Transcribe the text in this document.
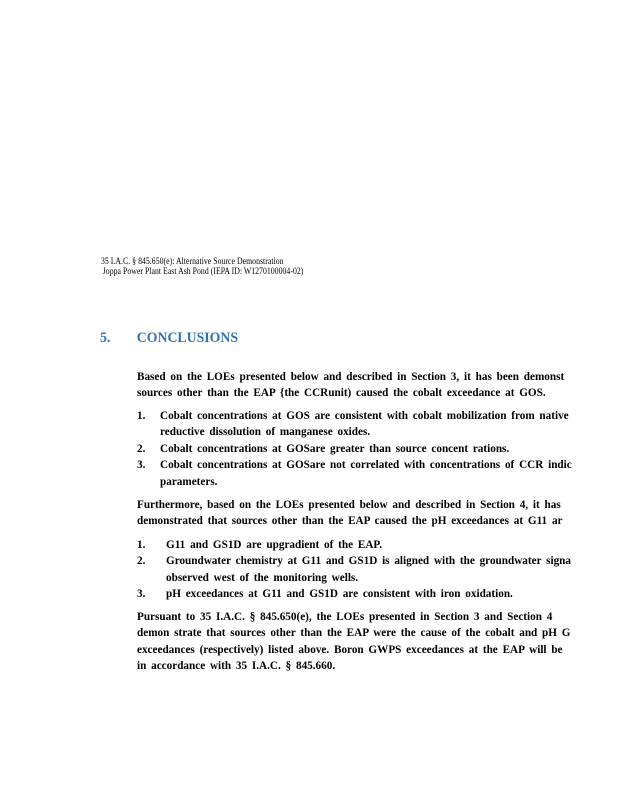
35 I.A.C. § 845.650(e): Alternative Source Demonstration
Joppa Power Plant East Ash Pond (IEPA ID: W1270100004-02)
5. CONCLUSIONS

Based on the LOEs presented below and described in Section 3, it has been demonst

sources other than the EAP {the CCRunit) caused the cobalt exceedance at GOS.

1. Cobalt concentrations at GOS are consistent with cobalt mobilization from native

reductive dissolution of manganese oxides.

2. Cobalt concentrations at GOSare greater than source concent rations.

3. Cobalt concentrations at GOSare not correlated with concentrations of CCR indic

parameters.

Furthermore, based on the LOEs presented below and described in Section 4, it has

demonstrated that sources other than the EAP caused the pH exceedances at G11 ar

1. G11 and GS1D are upgradient of the EAP.

2. Groundwater chemistry at G11 and GS1D is aligned with the groundwater signa

observed west of the monitoring wells.

3. pH exceedances at G11 and GS1D are consistent with iron oxidation.

Pursuant to 35 I.A.C. § 845.650(e), the LOEs presented in Section 3 and Section 4

demon strate that sources other than the EAP were the cause of the cobalt and pH G

exceedances (respectively) listed above. Boron GWPS exceedances at the EAP will be

in accordance with 35 I.A.C. § 845.660.
